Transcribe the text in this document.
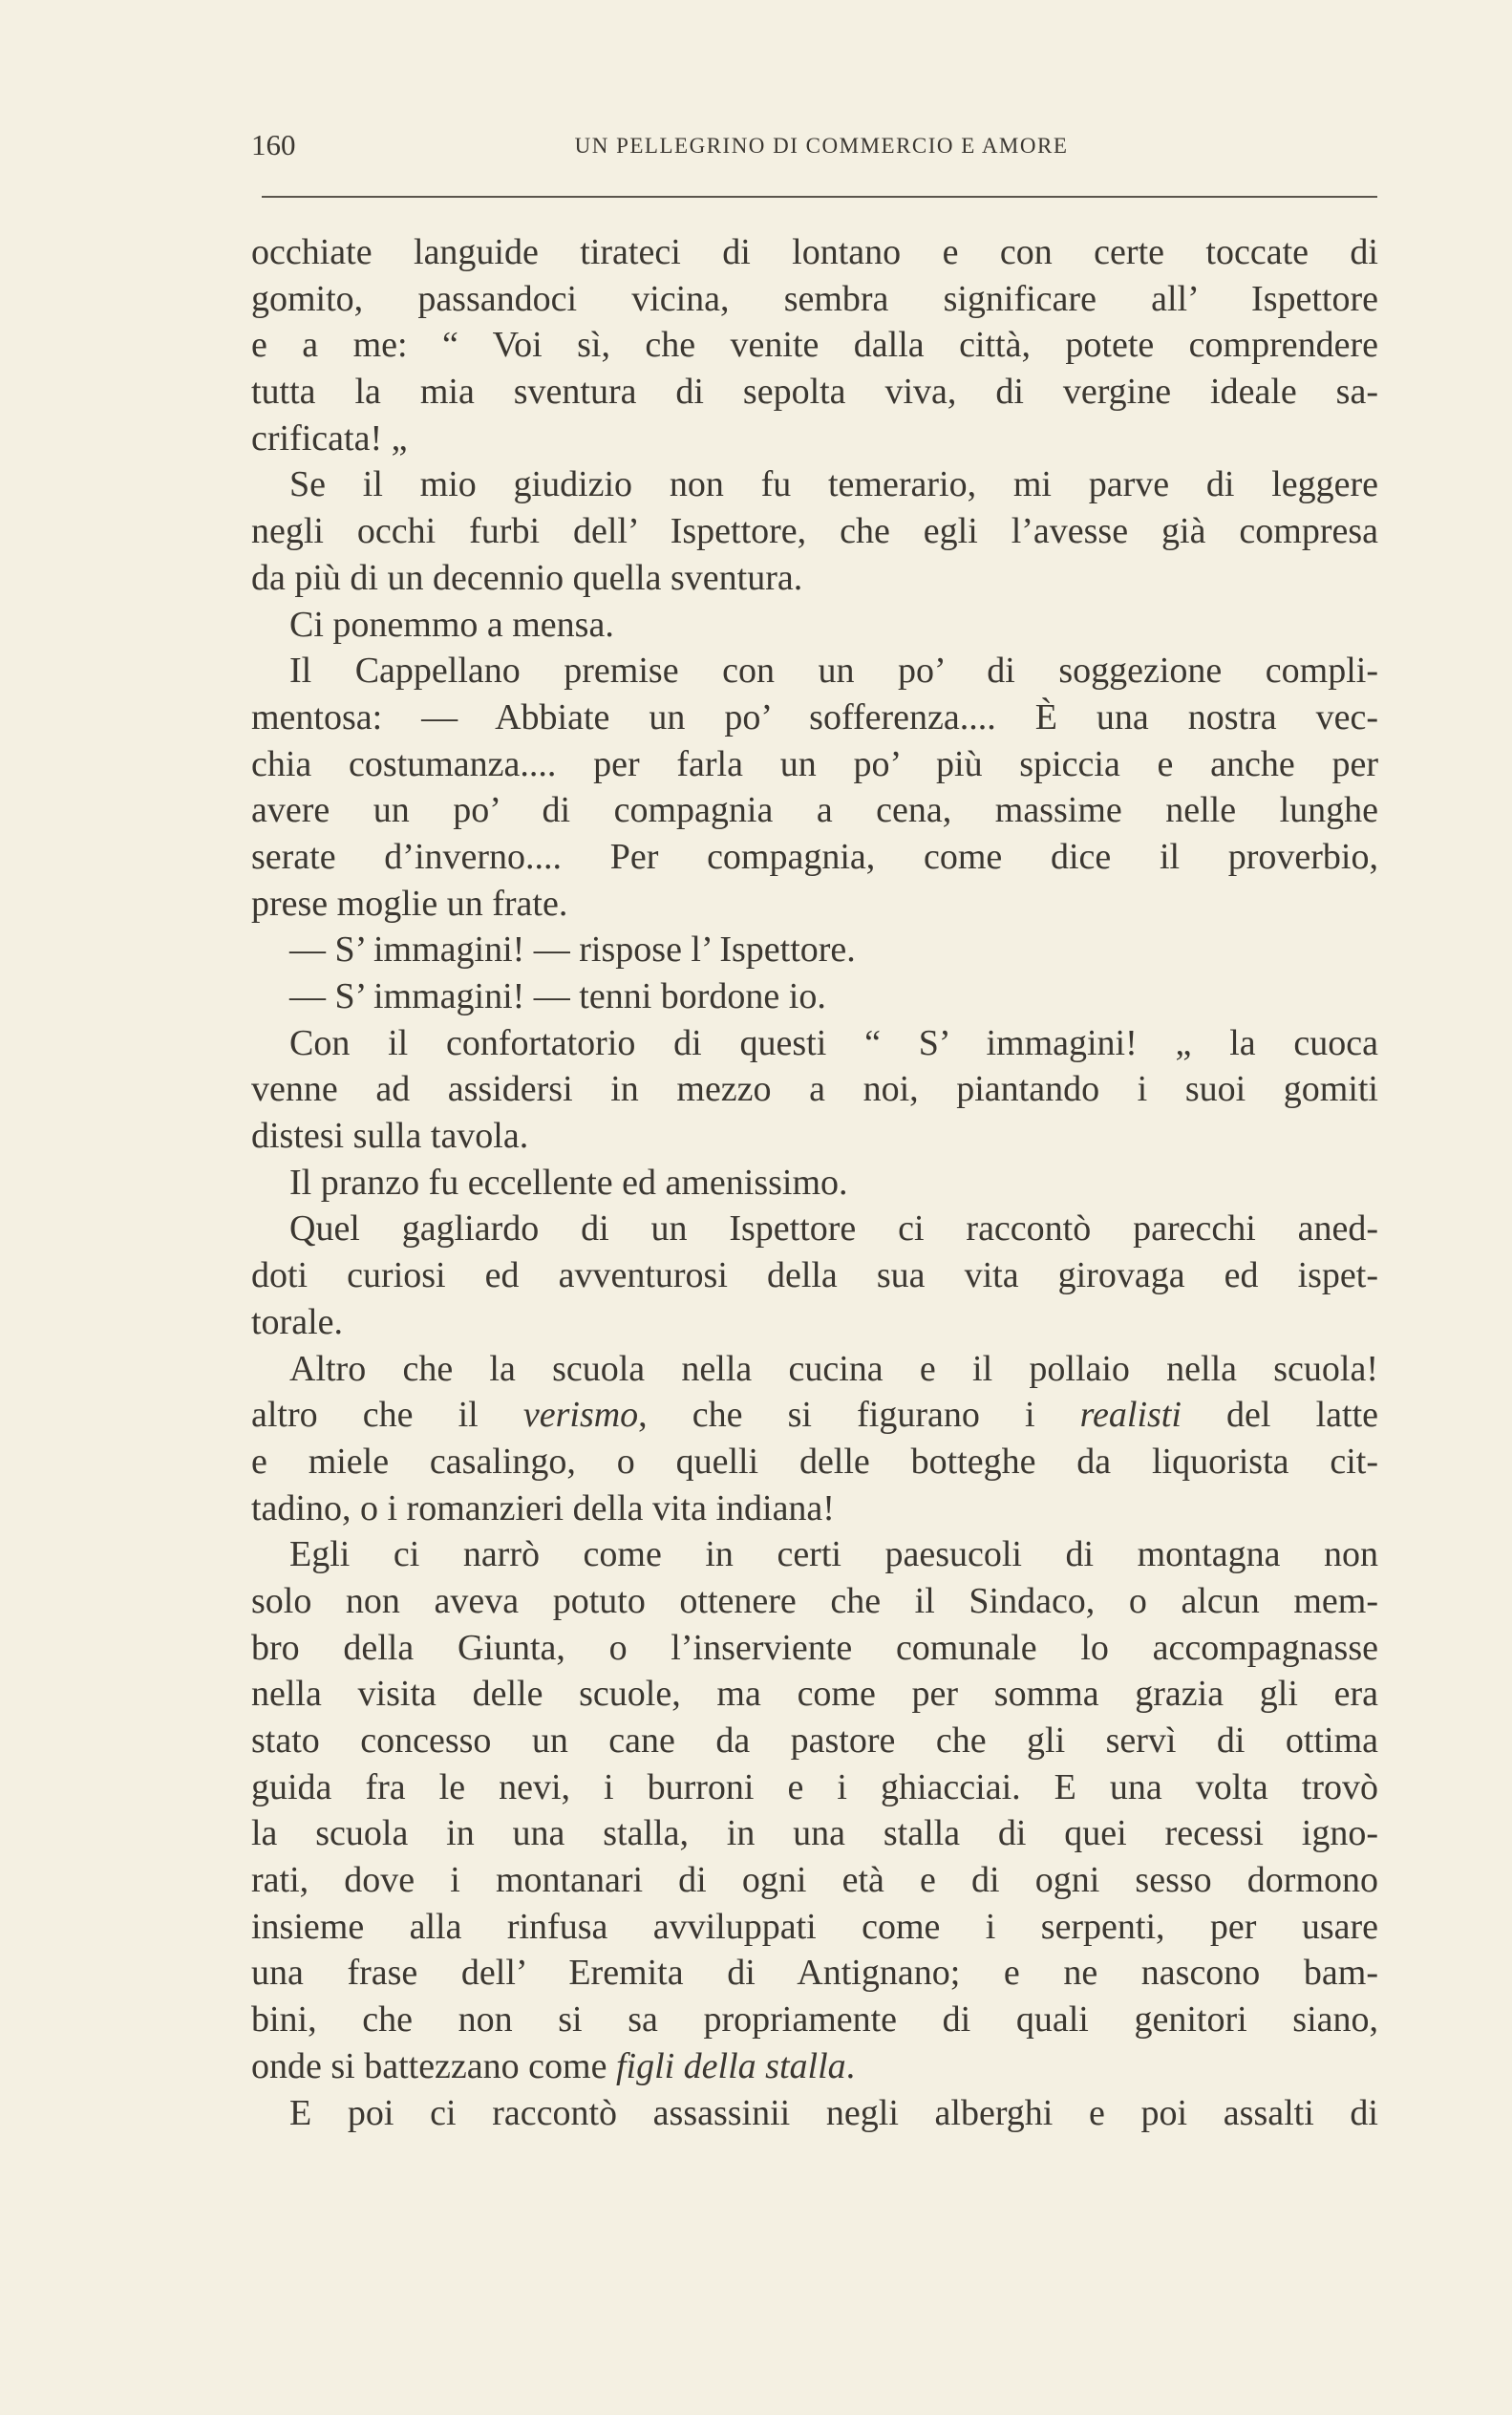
160	UN PELLEGRINO DI COMMERCIO E AMORE
occhiate languide tirateci di lontano e con certe toccate di
gomito, passandoci vicina, sembra significare all’ Ispettore
e a me: “ Voi sì, che venite dalla città, potete comprendere
tutta la mia sventura di sepolta viva, di vergine ideale sa-
crificata! „
Se il mio giudizio non fu temerario, mi parve di leggere
negli occhi furbi dell’ Ispettore, che egli l’avesse già compresa
da più di un decennio quella sventura.
Ci ponemmo a mensa.
Il Cappellano premise con un po’ di soggezione compli-
mentosa: — Abbiate un po’ sofferenza.... È una nostra vec-
chia costumanza.... per farla un po’ più spiccia e anche per
avere un po’ di compagnia a cena, massime nelle lunghe
serate d’inverno.... Per compagnia, come dice il proverbio,
prese moglie un frate.
— S’ immagini! — rispose l’ Ispettore.
— S’ immagini! — tenni bordone io.
Con il confortatorio di questi “ S’ immagini! „ la cuoca
venne ad assidersi in mezzo a noi, piantando i suoi gomiti
distesi sulla tavola.
Il pranzo fu eccellente ed amenissimo.
Quel gagliardo di un Ispettore ci raccontò parecchi aned-
doti curiosi ed avventurosi della sua vita girovaga ed ispet-
torale.
Altro che la scuola nella cucina e il pollaio nella scuola!
altro che il verismo, che si figurano i realisti del latte
e miele casalingo, o quelli delle botteghe da liquorista cit-
tadino, o i romanzieri della vita indiana!
Egli ci narrò come in certi paesucoli di montagna non
solo non aveva potuto ottenere che il Sindaco, o alcun mem-
bro della Giunta, o l’inserviente comunale lo accompagnasse
nella visita delle scuole, ma come per somma grazia gli era
stato concesso un cane da pastore che gli servì di ottima
guida fra le nevi, i burroni e i ghiacciai. E una volta trovò
la scuola in una stalla, in una stalla di quei recessi igno-
rati, dove i montanari di ogni età e di ogni sesso dormono
insieme alla rinfusa avviluppati come i serpenti, per usare
una frase dell’ Eremita di Antignano; e ne nascono bam-
bini, che non si sa propriamente di quali genitori siano,
onde si battezzano come figli della stalla.
E poi ci raccontò assassinii negli alberghi e poi assalti di
